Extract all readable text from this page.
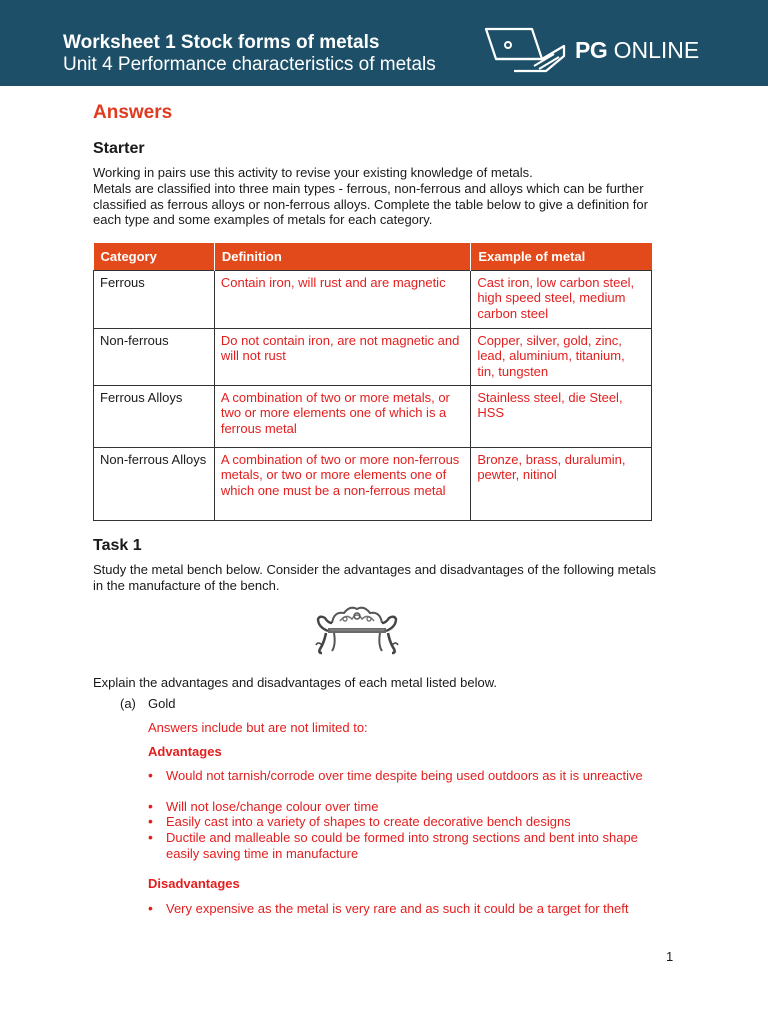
Worksheet 1 Stock forms of metals
Unit 4 Performance characteristics of metals
PG ONLINE
Answers
Starter
Working in pairs use this activity to revise your existing knowledge of metals.
Metals are classified into three main types - ferrous, non-ferrous and alloys which can be further classified as ferrous alloys or non-ferrous alloys. Complete the table below to give a definition for each type and some examples of metals for each category.
Category	Definition	Example of metal
Ferrous	Contain iron, will rust and are magnetic	Cast iron, low carbon steel, high speed steel, medium carbon steel
Non-ferrous	Do not contain iron, are not magnetic and will not rust	Copper, silver, gold, zinc, lead, aluminium, titanium, tin, tungsten
Ferrous Alloys	A combination of two or more metals, or two or more elements one of which is a ferrous metal	Stainless steel, die Steel, HSS
Non-ferrous Alloys	A combination of two or more non-ferrous metals, or two or more elements one of which one must be a non-ferrous metal	Bronze, brass, duralumin, pewter, nitinol
Task 1
Study the metal bench below. Consider the advantages and disadvantages of the following metals in the manufacture of the bench.
Explain the advantages and disadvantages of each metal listed below.
(a) Gold
Answers include but are not limited to:
Advantages
•	Would not tarnish/corrode over time despite being used outdoors as it is unreactive
•	Will not lose/change colour over time
•	Easily cast into a variety of shapes to create decorative bench designs
•	Ductile and malleable so could be formed into strong sections and bent into shape easily saving time in manufacture
Disadvantages
•	Very expensive as the metal is very rare and as such it could be a target for theft
1
